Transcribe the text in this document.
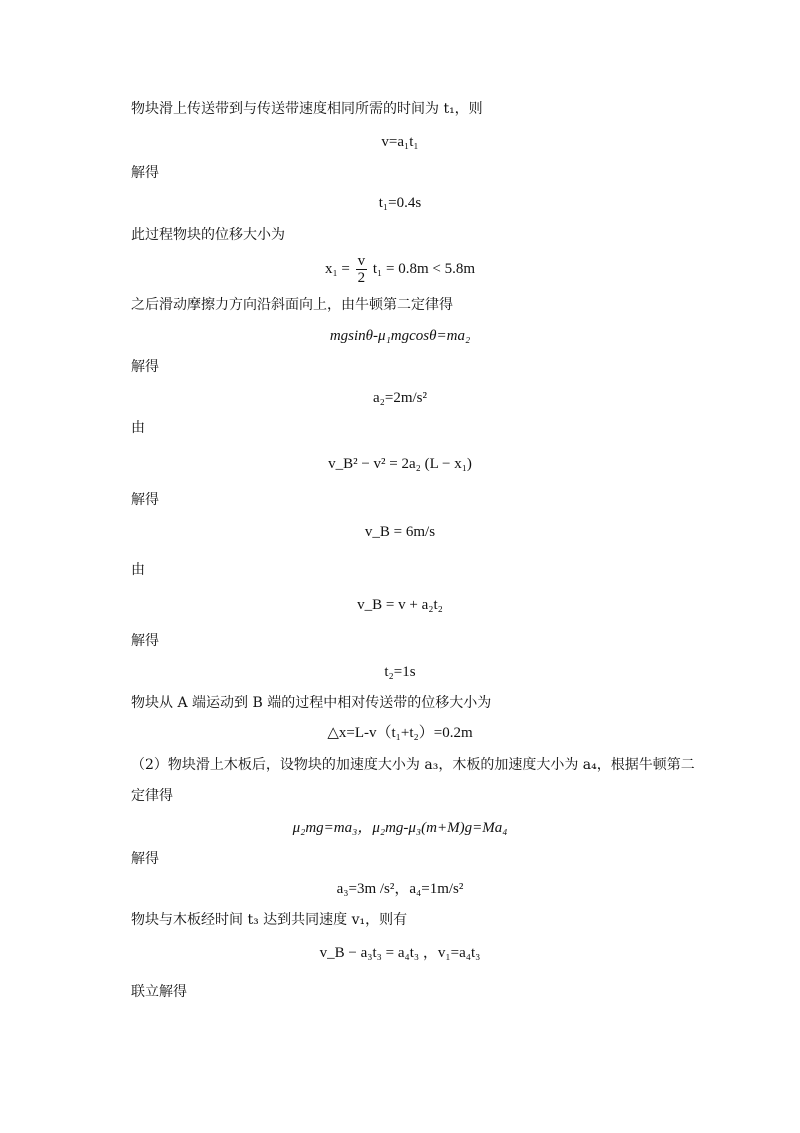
物块滑上传送带到与传送带速度相同所需的时间为 t₁，则
v=a₁t₁
解得
t₁=0.4s
此过程物块的位移大小为
$x_1 = \frac{v}{2} t_1 = 0.8m < 5.8m$
之后滑动摩擦力方向沿斜面向上，由牛顿第二定律得
mgsinθ-μ₁mgcosθ=ma₂
解得
a₂=2m/s²
由
v_B² − v² = 2a₂ (L − x₁)
解得
v_B = 6m/s
由
v_B = v + a₂t₂
解得
t₂=1s
物块从 A 端运动到 B 端的过程中相对传送带的位移大小为
△x=L-v（t₁+t₂）=0.2m
（2）物块滑上木板后，设物块的加速度大小为 a₃，木板的加速度大小为 a₄，根据牛顿第二
定律得
μ₂mg=ma₃，μ₂mg-μ₃(m+M)g=Ma₄
解得
a₃=3m /s²，a₄=1m/s²
物块与木板经时间 t₃ 达到共同速度 v₁，则有
v_B − a₃t₃ = a₄t₃ ，v₁=a₄t₃
联立解得
